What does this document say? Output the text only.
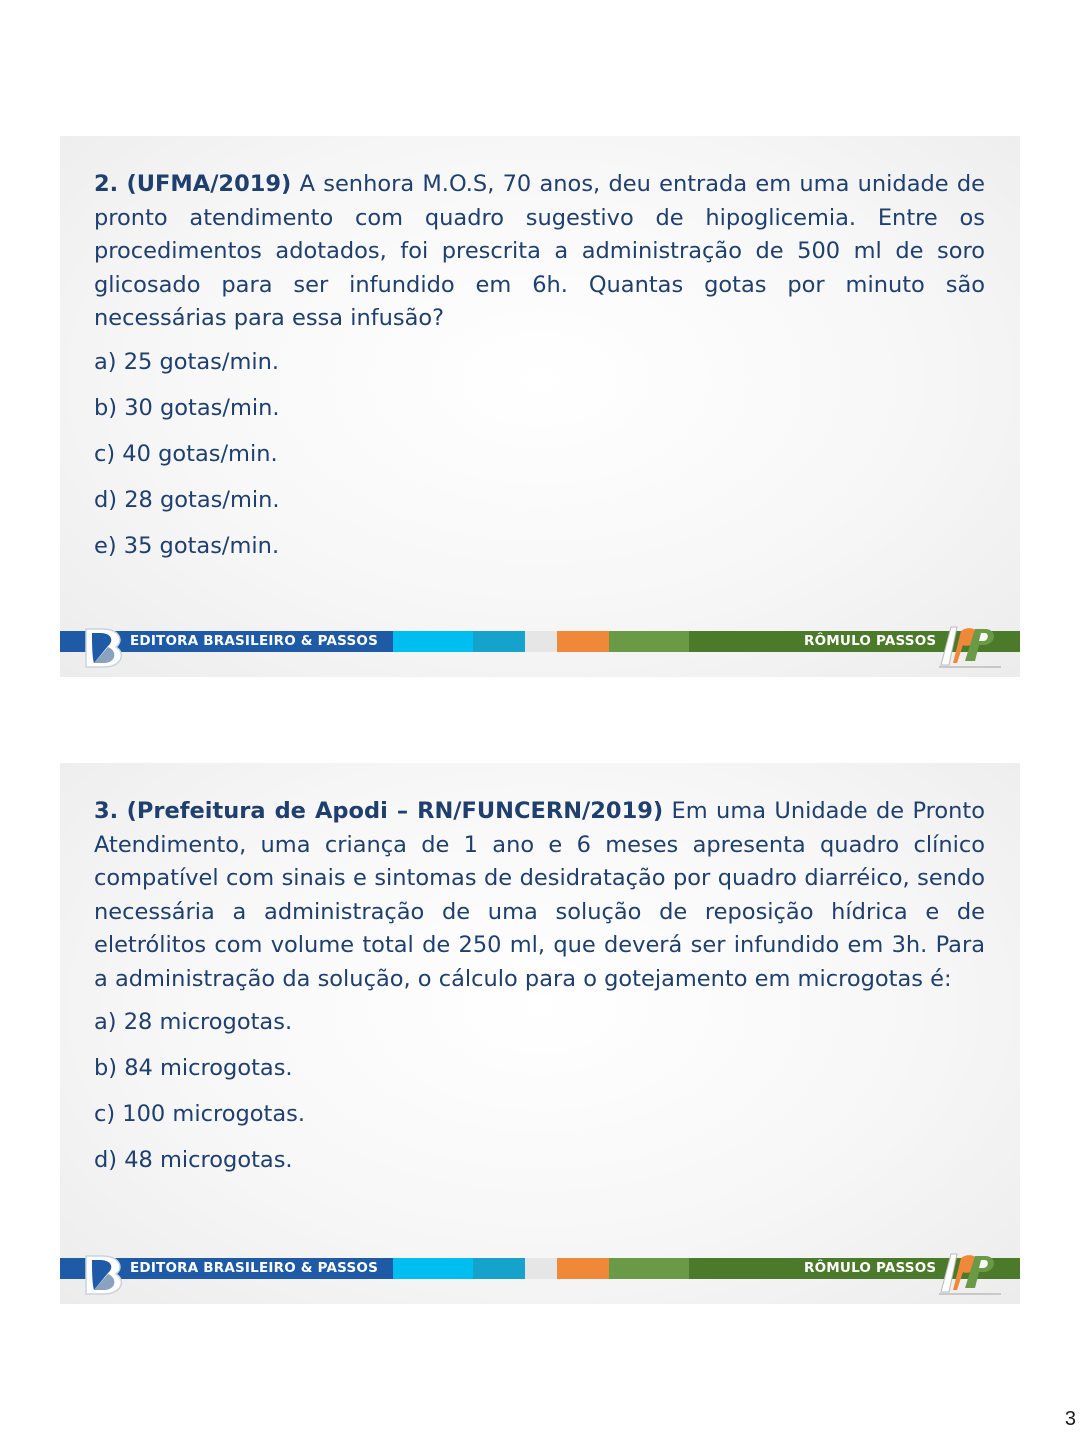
2. (UFMA/2019) A senhora M.O.S, 70 anos, deu entrada em uma unidade de pronto atendimento com quadro sugestivo de hipoglicemia. Entre os procedimentos adotados, foi prescrita a administração de 500 ml de soro glicosado para ser infundido em 6h. Quantas gotas por minuto são necessárias para essa infusão?

a) 25 gotas/min.
b) 30 gotas/min.
c) 40 gotas/min.
d) 28 gotas/min.
e) 35 gotas/min.
EDITORA BRASILEIRO & PASSOS	RÔMULO PASSOS

3. (Prefeitura de Apodi – RN/FUNCERN/2019) Em uma Unidade de Pronto Atendimento, uma criança de 1 ano e 6 meses apresenta quadro clínico compatível com sinais e sintomas de desidratação por quadro diarréico, sendo necessária a administração de uma solução de reposição hídrica e de eletrólitos com volume total de 250 ml, que deverá ser infundido em 3h. Para a administração da solução, o cálculo para o gotejamento em microgotas é:

a) 28 microgotas.
b) 84 microgotas.
c) 100 microgotas.
d) 48 microgotas.
EDITORA BRASILEIRO & PASSOS	RÔMULO PASSOS
3
